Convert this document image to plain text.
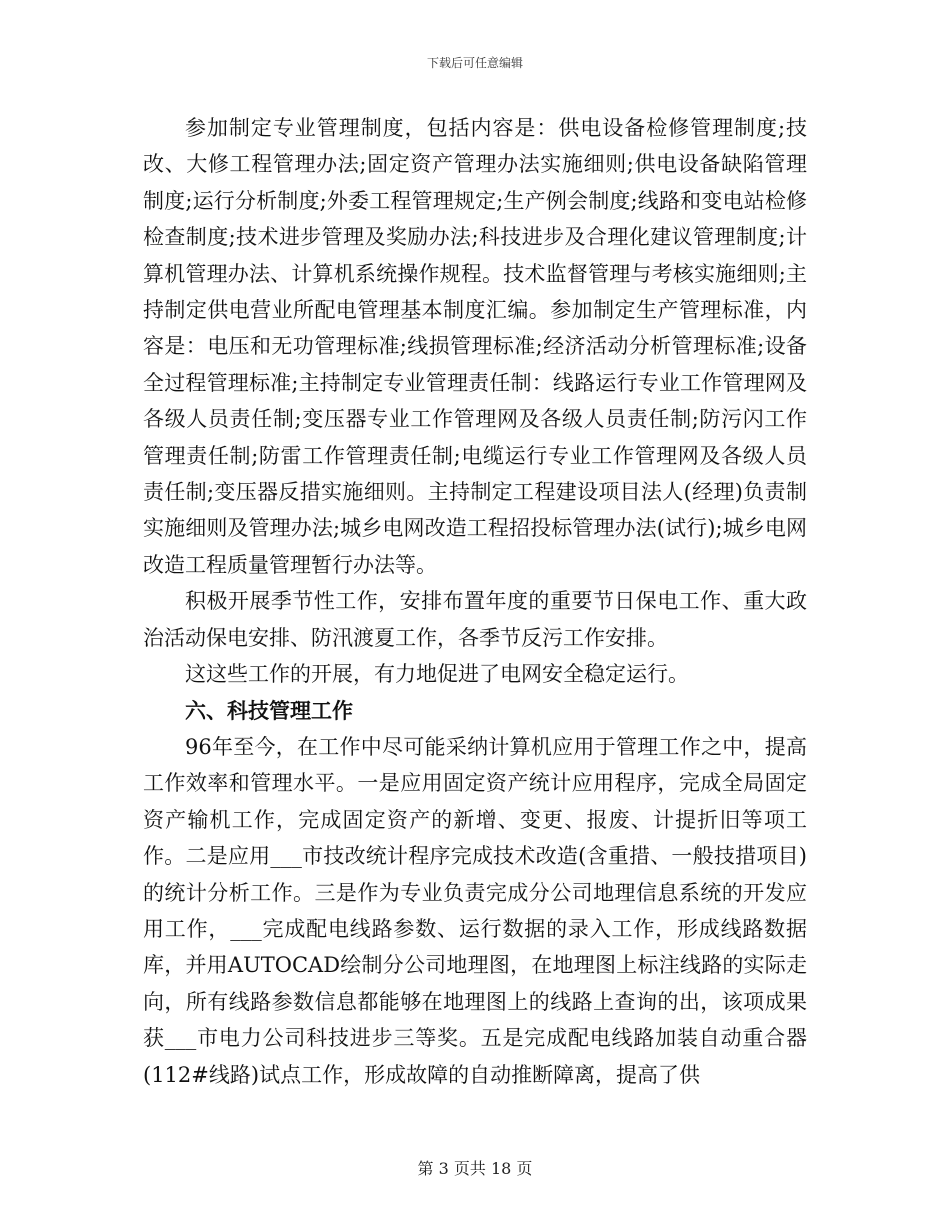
下载后可任意编辑

参加制定专业管理制度，包括内容是：供电设备检修管理制度;技改、大修工程管理办法;固定资产管理办法实施细则;供电设备缺陷管理制度;运行分析制度;外委工程管理规定;生产例会制度;线路和变电站检修检查制度;技术进步管理及奖励办法;科技进步及合理化建议管理制度;计算机管理办法、计算机系统操作规程。技术监督管理与考核实施细则;主持制定供电营业所配电管理基本制度汇编。参加制定生产管理标准，内容是：电压和无功管理标准;线损管理标准;经济活动分析管理标准;设备全过程管理标准;主持制定专业管理责任制：线路运行专业工作管理网及各级人员责任制;变压器专业工作管理网及各级人员责任制;防污闪工作管理责任制;防雷工作管理责任制;电缆运行专业工作管理网及各级人员责任制;变压器反措实施细则。主持制定工程建设项目法人(经理)负责制实施细则及管理办法;城乡电网改造工程招投标管理办法(试行);城乡电网改造工程质量管理暂行办法等。

积极开展季节性工作，安排布置年度的重要节日保电工作、重大政治活动保电安排、防汛渡夏工作，各季节反污工作安排。

这这些工作的开展，有力地促进了电网安全稳定运行。

六、科技管理工作

96年至今，在工作中尽可能采纳计算机应用于管理工作之中，提高工作效率和管理水平。一是应用固定资产统计应用程序，完成全局固定资产输机工作，完成固定资产的新增、变更、报废、计提折旧等项工作。二是应用___市技改统计程序完成技术改造(含重措、一般技措项目)的统计分析工作。三是作为专业负责完成分公司地理信息系统的开发应用工作，___完成配电线路参数、运行数据的录入工作，形成线路数据库，并用AUTOCAD绘制分公司地理图，在地理图上标注线路的实际走向，所有线路参数信息都能够在地理图上的线路上查询的出，该项成果获___市电力公司科技进步三等奖。五是完成配电线路加装自动重合器(112#线路)试点工作，形成故障的自动推断障离，提高了供

第 3 页共 18 页
